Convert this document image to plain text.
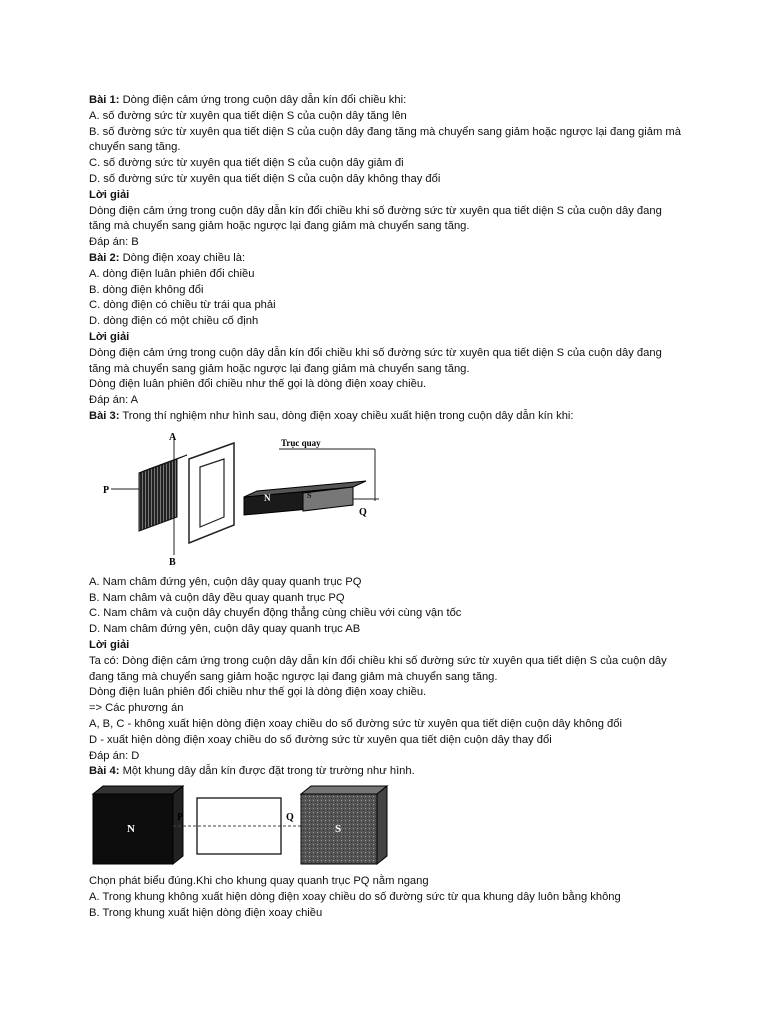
Bài 1: Dòng điện cảm ứng trong cuộn dây dẫn kín đổi chiều khi:
A. số đường sức từ xuyên qua tiết diện S của cuộn dây tăng lên
B. số đường sức từ xuyên qua tiết diện S của cuộn dây đang tăng mà chuyển sang giảm hoặc ngược lại đang giảm mà chuyển sang tăng.
C. số đường sức từ xuyên qua tiết diện S của cuộn dây giảm đi
D. số đường sức từ xuyên qua tiết diện S của cuộn dây không thay đổi
Lời giải
Dòng điện cảm ứng trong cuộn dây dẫn kín đổi chiều khi số đường sức từ xuyên qua tiết diện S của cuộn dây đang tăng mà chuyển sang giảm hoặc ngược lại đang giảm mà chuyển sang tăng.
Đáp án: B
Bài 2: Dòng điện xoay chiều là:
A. dòng điện luân phiên đổi chiều
B. dòng điện không đổi
C. dòng điện có chiều từ trái qua phải
D. dòng điện có một chiều cố định
Lời giải
Dòng điện cảm ứng trong cuộn dây dẫn kín đổi chiều khi số đường sức từ xuyên qua tiết diện S của cuộn dây đang tăng mà chuyển sang giảm hoặc ngược lại đang giảm mà chuyển sang tăng.
Dòng điện luân phiên đổi chiều như thế gọi là dòng điện xoay chiều.
Đáp án: A
Bài 3: Trong thí nghiệm như hình sau, dòng điện xoay chiều xuất hiện trong cuộn dây dẫn kín khi:
A
B
P
Trục quay
N	S
Q
A. Nam châm đứng yên, cuộn dây quay quanh trục PQ
B. Nam châm và cuộn dây đều quay quanh trục PQ
C. Nam châm và cuộn dây chuyển động thẳng cùng chiều với cùng vận tốc
D. Nam châm đứng yên, cuộn dây quay quanh trục AB
Lời giải
Ta có: Dòng điện cảm ứng trong cuộn dây dẫn kín đổi chiều khi số đường sức từ xuyên qua tiết diện S của cuộn dây đang tăng mà chuyển sang giảm hoặc ngược lại đang giảm mà chuyển sang tăng.
Dòng điện luân phiên đổi chiều như thế gọi là dòng điện xoay chiều.
=> Các phương án
A, B, C - không xuất hiện dòng điện xoay chiều do số đường sức từ xuyên qua tiết diện cuộn dây không đổi
D - xuất hiện dòng điện xoay chiều do số đường sức từ xuyên qua tiết diện cuộn dây thay đổi
Đáp án: D
Bài 4: Một khung dây dẫn kín được đặt trong từ trường như hình.
N
P	Q
S
Chọn phát biểu đúng.Khi cho khung quay quanh trục PQ nằm ngang
A. Trong khung không xuất hiện dòng điện xoay chiều do số đường sức từ qua khung dây luôn bằng không
B. Trong khung xuất hiện dòng điện xoay chiều
